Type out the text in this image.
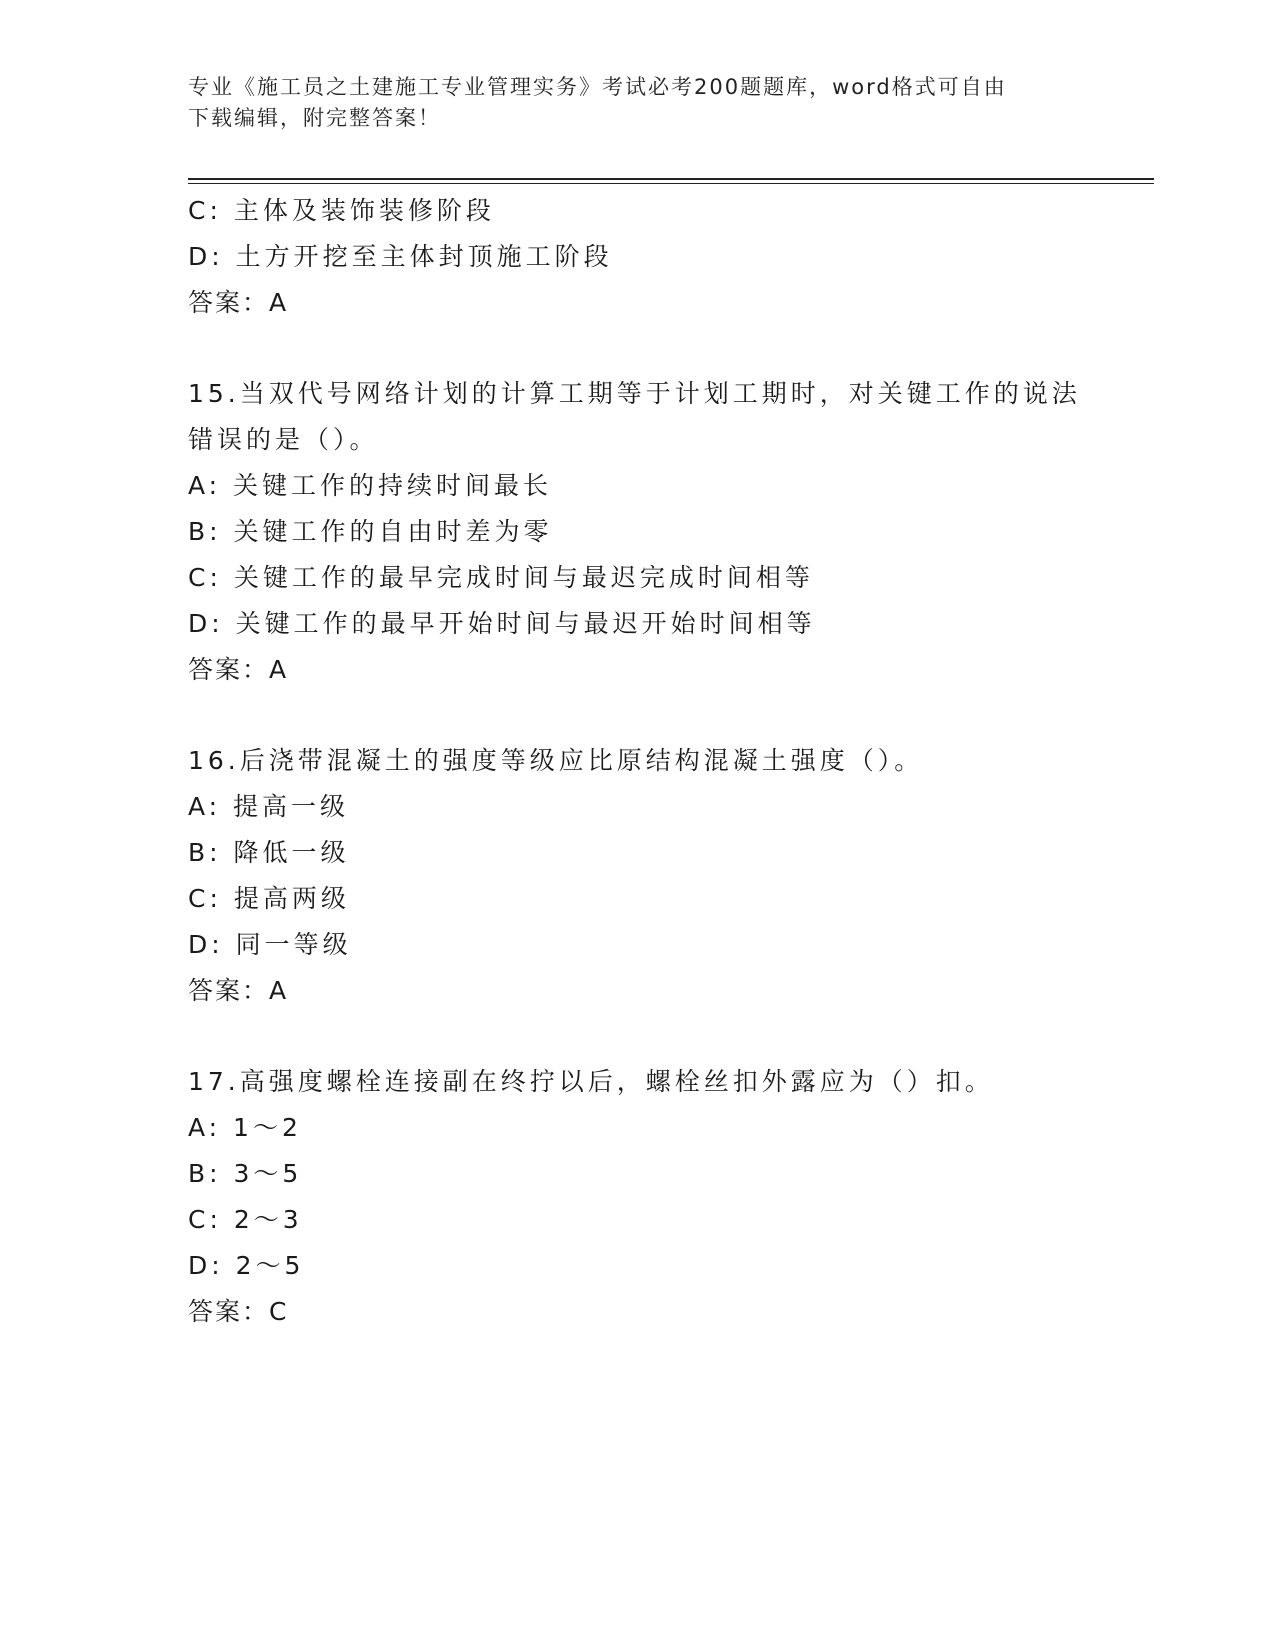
专业《施工员之土建施工专业管理实务》考试必考200题题库，word格式可自由
下载编辑，附完整答案！
C: 主体及装饰装修阶段
D: 土方开挖至主体封顶施工阶段
答案：A
15.当双代号网络计划的计算工期等于计划工期时，对关键工作的说法
错误的是（）。
A: 关键工作的持续时间最长
B: 关键工作的自由时差为零
C: 关键工作的最早完成时间与最迟完成时间相等
D: 关键工作的最早开始时间与最迟开始时间相等
答案：A
16.后浇带混凝土的强度等级应比原结构混凝土强度（）。
A: 提高一级
B: 降低一级
C: 提高两级
D: 同一等级
答案：A
17.高强度螺栓连接副在终拧以后，螺栓丝扣外露应为（）扣。
A: 1～2
B: 3～5
C: 2～3
D: 2～5
答案：C
